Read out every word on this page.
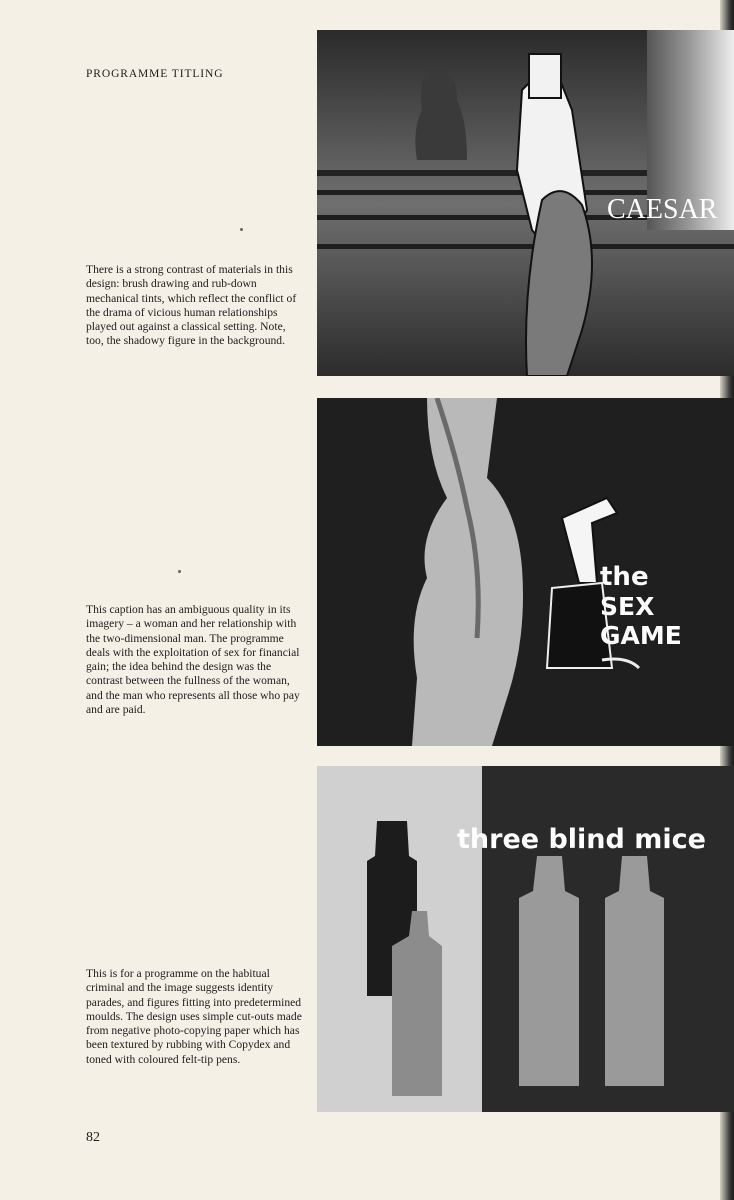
PROGRAMME TITLING
There is a strong contrast of materials in this design: brush drawing and rub-down mechanical tints, which reflect the conflict of the drama of vicious human relationships played out against a classical setting. Note, too, the shadowy figure in the background.
This caption has an ambiguous quality in its imagery – a woman and her relationship with the two-dimensional man. The programme deals with the exploitation of sex for financial gain; the idea behind the design was the contrast between the fullness of the woman, and the man who represents all those who pay and are paid.
This is for a programme on the habitual criminal and the image suggests identity parades, and figures fitting into predetermined moulds. The design uses simple cut-outs made from negative photo-copying paper which has been textured by rubbing with Copydex and toned with coloured felt-tip pens.
82
CAESAR
the
SEX
GAME
three blind mice
